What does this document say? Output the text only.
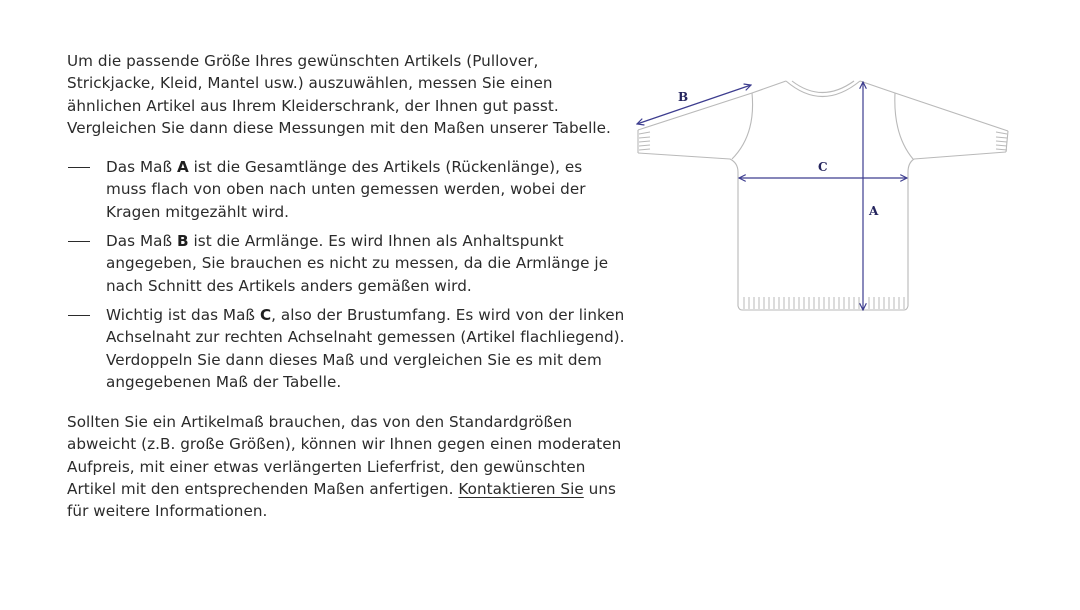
Um die passende Größe Ihres gewünschten Artikels (Pullover, Strickjacke, Kleid, Mantel usw.) auszuwählen, messen Sie einen ähnlichen Artikel aus Ihrem Kleiderschrank, der Ihnen gut passt. Vergleichen Sie dann diese Messungen mit den Maßen unserer Tabelle.

Das Maß A ist die Gesamtlänge des Artikels (Rückenlänge), es muss flach von oben nach unten gemessen werden, wobei der Kragen mitgezählt wird.
Das Maß B ist die Armlänge. Es wird Ihnen als Anhaltspunkt angegeben, Sie brauchen es nicht zu messen, da die Armlänge je nach Schnitt des Artikels anders gemäßen wird.
Wichtig ist das Maß C, also der Brustumfang. Es wird von der linken Achselnaht zur rechten Achselnaht gemessen (Artikel flachliegend). Verdoppeln Sie dann dieses Maß und vergleichen Sie es mit dem angegebenen Maß der Tabelle.

Sollten Sie ein Artikelmaß brauchen, das von den Standardgrößen abweicht (z.B. große Größen), können wir Ihnen gegen einen moderaten Aufpreis, mit einer etwas verlängerten Lieferfrist, den gewünschten Artikel mit den entsprechenden Maßen anfertigen. Kontaktieren Sie uns für weitere Informationen.

B
C
A
